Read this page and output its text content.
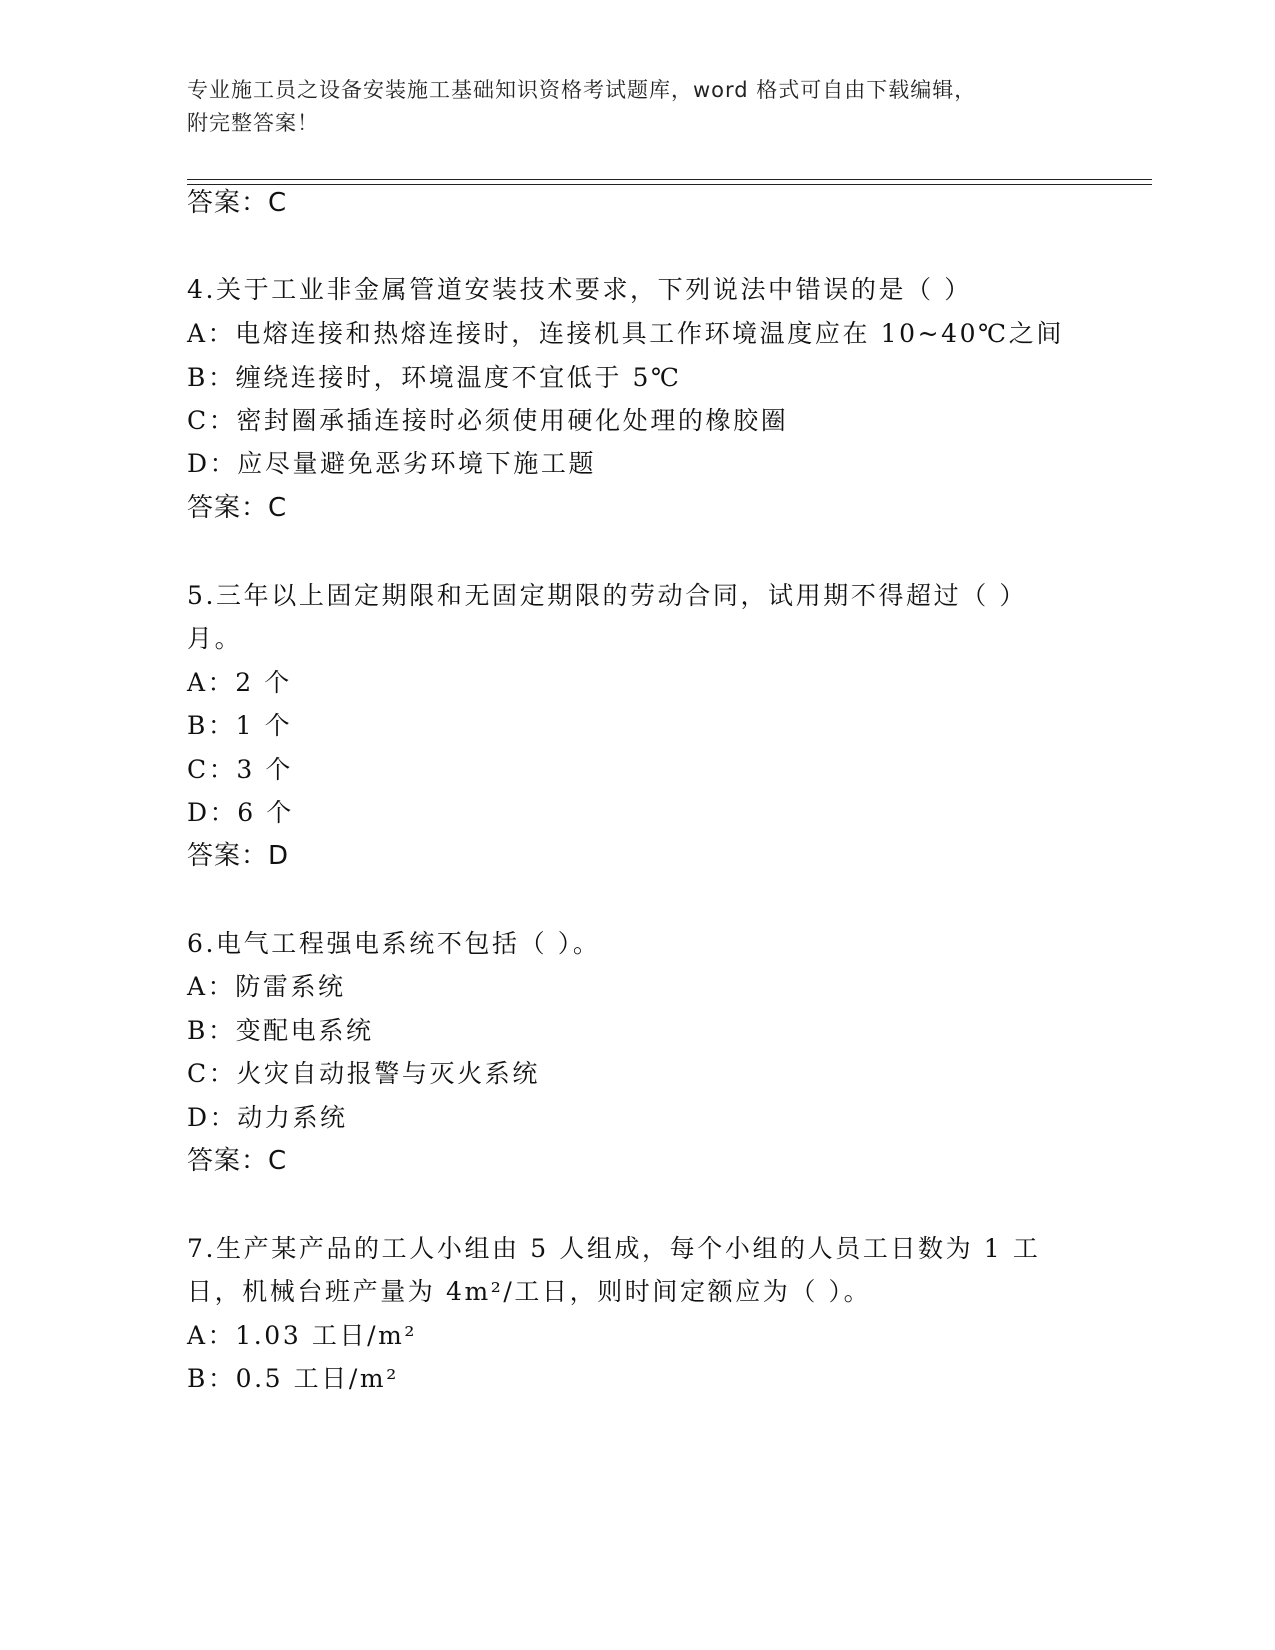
专业施工员之设备安装施工基础知识资格考试题库，word 格式可自由下载编辑，
附完整答案！
答案：C
4.关于工业非金属管道安装技术要求，下列说法中错误的是（ ）
A：电熔连接和热熔连接时，连接机具工作环境温度应在 10~40℃之间
B：缠绕连接时，环境温度不宜低于 5℃
C：密封圈承插连接时必须使用硬化处理的橡胶圈
D：应尽量避免恶劣环境下施工题
答案：C
5.三年以上固定期限和无固定期限的劳动合同，试用期不得超过（ ）
月。
A：2 个
B：1 个
C：3 个
D：6 个
答案：D
6.电气工程强电系统不包括（ ）。
A：防雷系统
B：变配电系统
C：火灾自动报警与灭火系统
D：动力系统
答案：C
7.生产某产品的工人小组由 5 人组成，每个小组的人员工日数为 1 工
日，机械台班产量为 4m²/工日，则时间定额应为（ ）。
A：1.03 工日/m²
B：0.5 工日/m²
